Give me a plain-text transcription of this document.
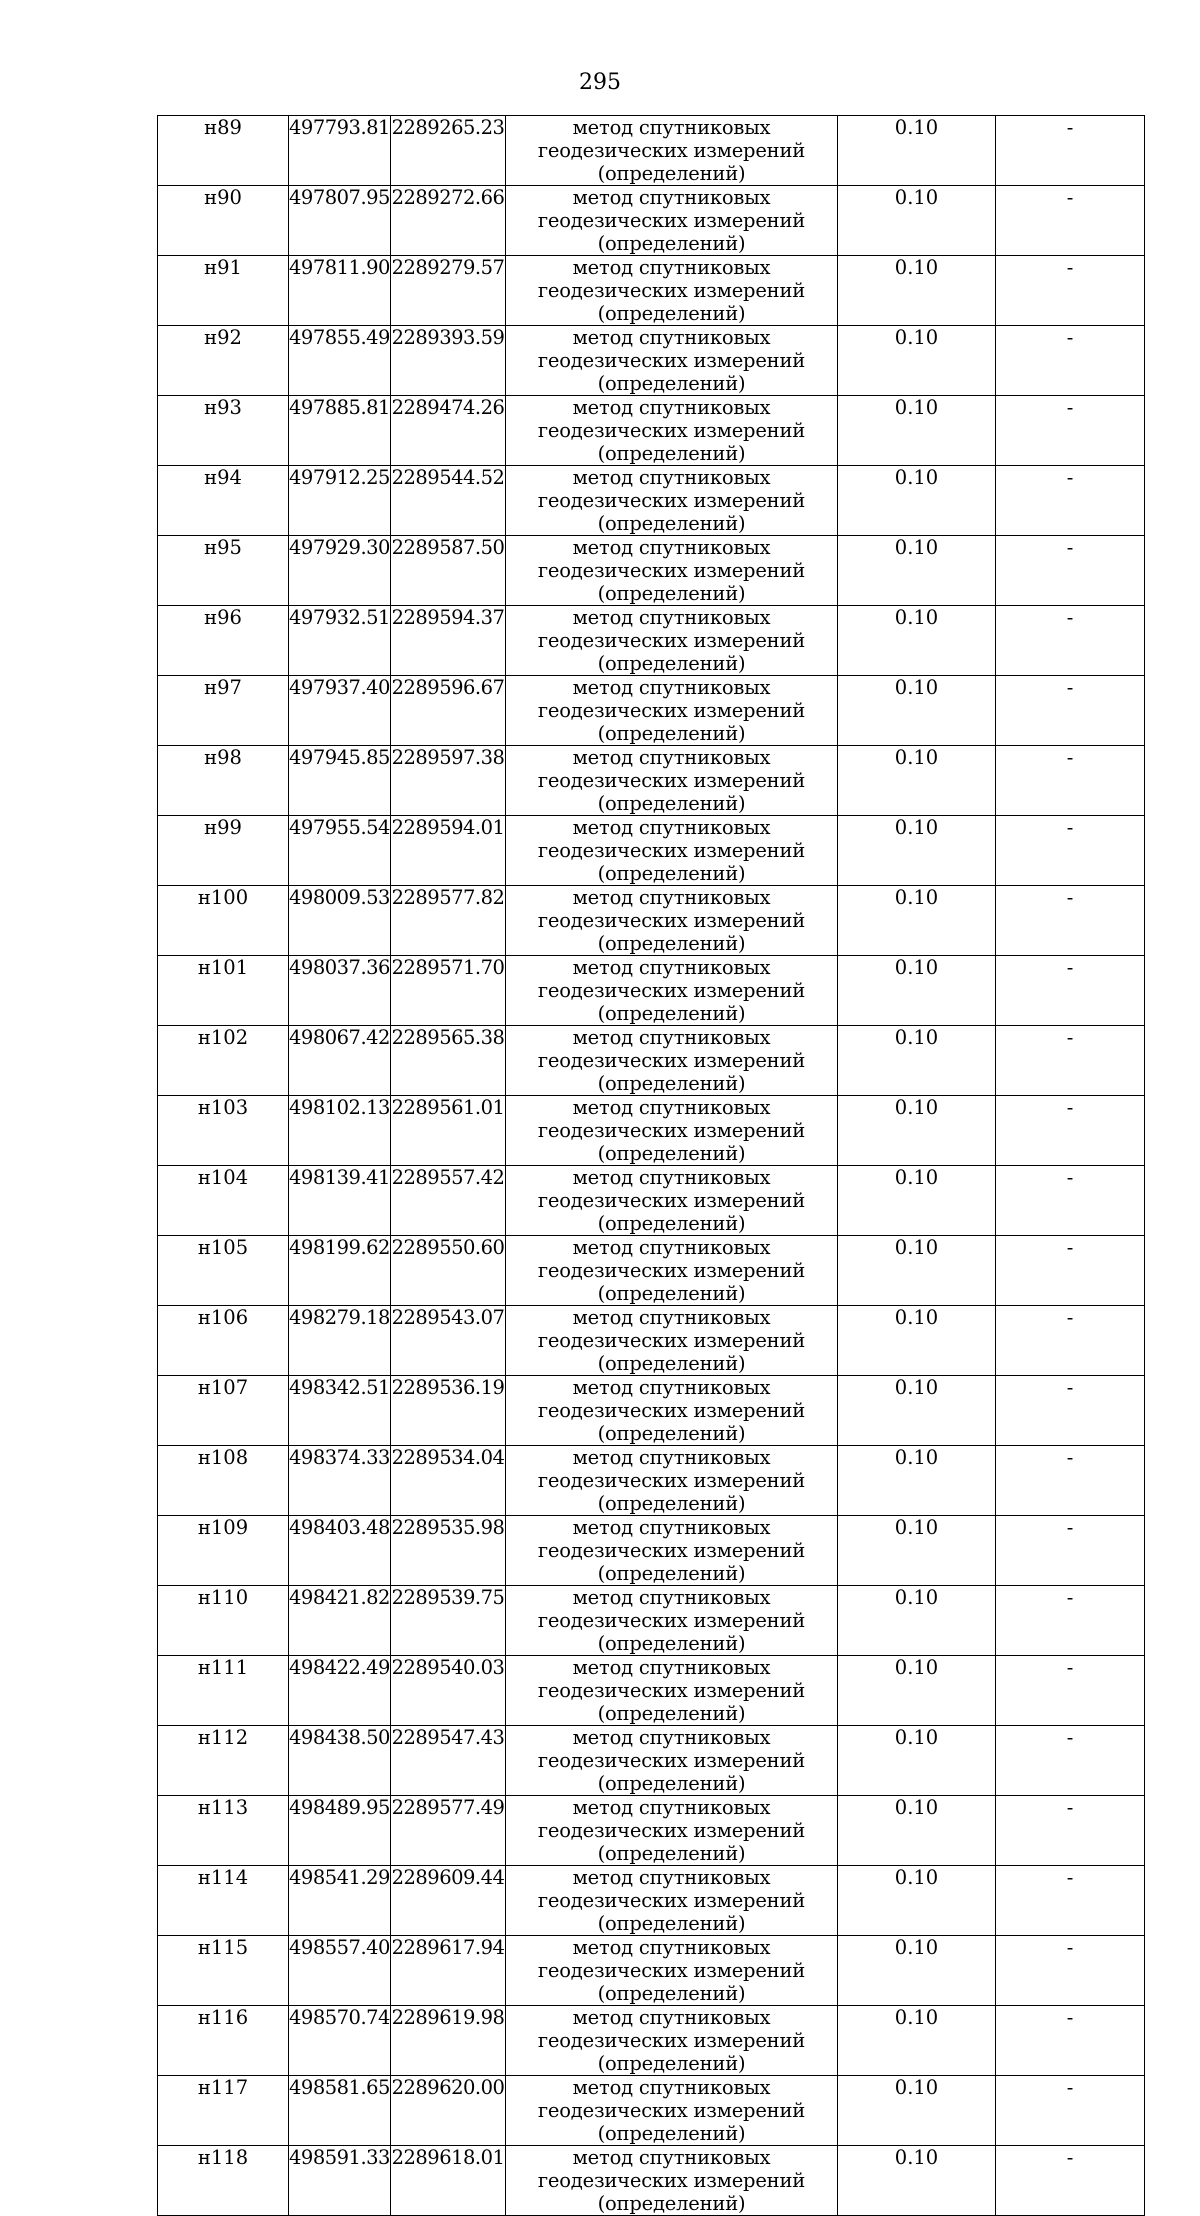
295
н89	497793.81	2289265.23	метод спутниковых геодезических измерений (определений)	0.10	-
н90	497807.95	2289272.66	метод спутниковых геодезических измерений (определений)	0.10	-
н91	497811.90	2289279.57	метод спутниковых геодезических измерений (определений)	0.10	-
н92	497855.49	2289393.59	метод спутниковых геодезических измерений (определений)	0.10	-
н93	497885.81	2289474.26	метод спутниковых геодезических измерений (определений)	0.10	-
н94	497912.25	2289544.52	метод спутниковых геодезических измерений (определений)	0.10	-
н95	497929.30	2289587.50	метод спутниковых геодезических измерений (определений)	0.10	-
н96	497932.51	2289594.37	метод спутниковых геодезических измерений (определений)	0.10	-
н97	497937.40	2289596.67	метод спутниковых геодезических измерений (определений)	0.10	-
н98	497945.85	2289597.38	метод спутниковых геодезических измерений (определений)	0.10	-
н99	497955.54	2289594.01	метод спутниковых геодезических измерений (определений)	0.10	-
н100	498009.53	2289577.82	метод спутниковых геодезических измерений (определений)	0.10	-
н101	498037.36	2289571.70	метод спутниковых геодезических измерений (определений)	0.10	-
н102	498067.42	2289565.38	метод спутниковых геодезических измерений (определений)	0.10	-
н103	498102.13	2289561.01	метод спутниковых геодезических измерений (определений)	0.10	-
н104	498139.41	2289557.42	метод спутниковых геодезических измерений (определений)	0.10	-
н105	498199.62	2289550.60	метод спутниковых геодезических измерений (определений)	0.10	-
н106	498279.18	2289543.07	метод спутниковых геодезических измерений (определений)	0.10	-
н107	498342.51	2289536.19	метод спутниковых геодезических измерений (определений)	0.10	-
н108	498374.33	2289534.04	метод спутниковых геодезических измерений (определений)	0.10	-
н109	498403.48	2289535.98	метод спутниковых геодезических измерений (определений)	0.10	-
н110	498421.82	2289539.75	метод спутниковых геодезических измерений (определений)	0.10	-
н111	498422.49	2289540.03	метод спутниковых геодезических измерений (определений)	0.10	-
н112	498438.50	2289547.43	метод спутниковых геодезических измерений (определений)	0.10	-
н113	498489.95	2289577.49	метод спутниковых геодезических измерений (определений)	0.10	-
н114	498541.29	2289609.44	метод спутниковых геодезических измерений (определений)	0.10	-
н115	498557.40	2289617.94	метод спутниковых геодезических измерений (определений)	0.10	-
н116	498570.74	2289619.98	метод спутниковых геодезических измерений (определений)	0.10	-
н117	498581.65	2289620.00	метод спутниковых геодезических измерений (определений)	0.10	-
н118	498591.33	2289618.01	метод спутниковых геодезических измерений (определений)	0.10	-
